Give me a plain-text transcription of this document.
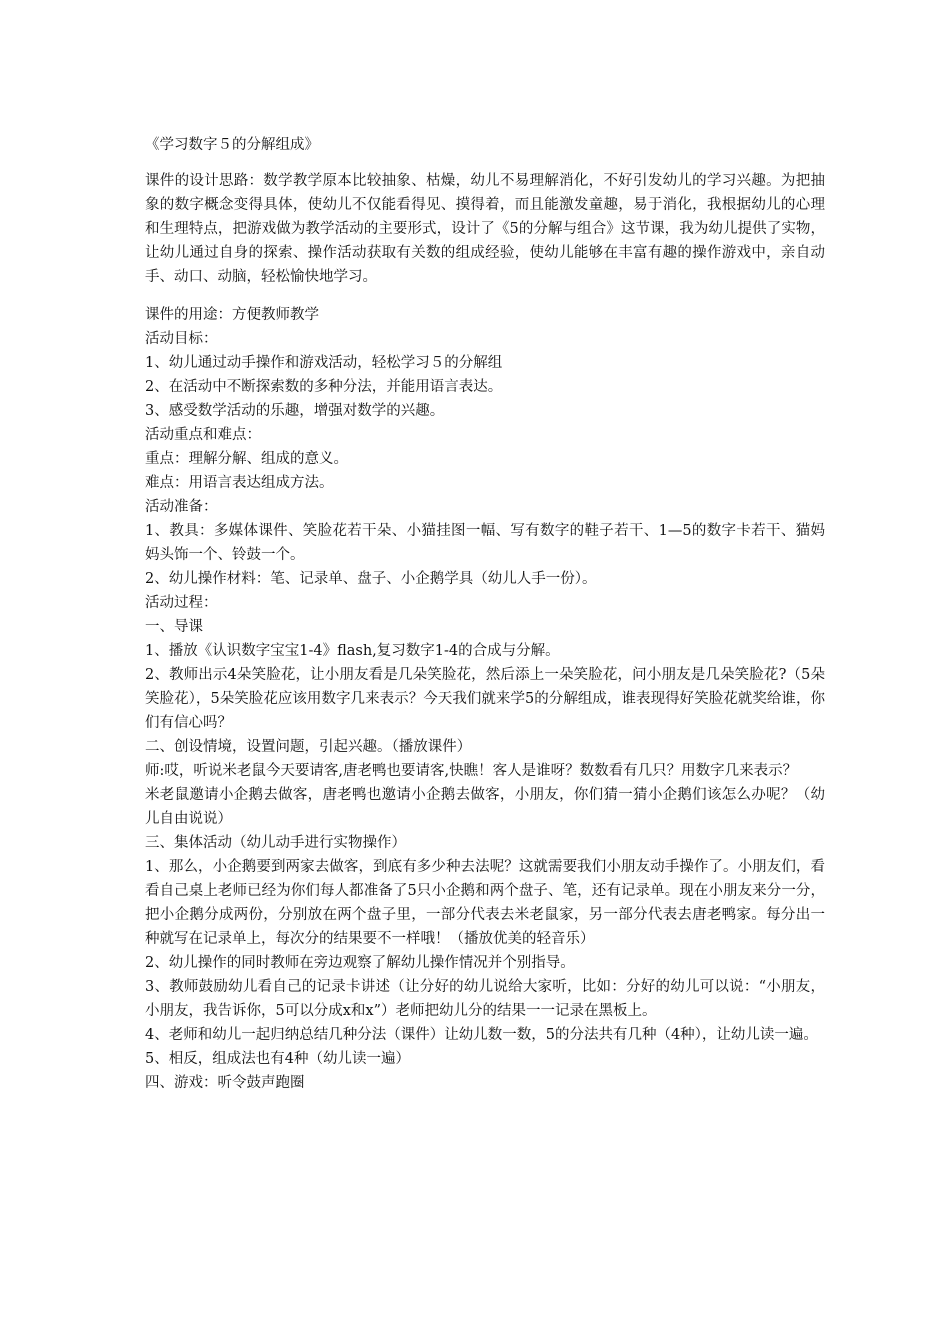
《学习数字５的分解组成》
课件的设计思路：数学教学原本比较抽象、枯燥，幼儿不易理解消化，不好引发幼儿的学习兴趣。为把抽象的数字概念变得具体，使幼儿不仅能看得见、摸得着，而且能激发童趣，易于消化，我根据幼儿的心理和生理特点，把游戏做为教学活动的主要形式，设计了《5的分解与组合》这节课，我为幼儿提供了实物，让幼儿通过自身的探索、操作活动获取有关数的组成经验，使幼儿能够在丰富有趣的操作游戏中，亲自动手、动口、动脑，轻松愉快地学习。
课件的用途：方便教师教学
活动目标：
1、幼儿通过动手操作和游戏活动，轻松学习５的分解组
2、在活动中不断探索数的多种分法，并能用语言表达。
3、感受数学活动的乐趣，增强对数学的兴趣。
活动重点和难点：
重点：理解分解、组成的意义。
难点：用语言表达组成方法。
活动准备：
1、教具：多媒体课件、笑脸花若干朵、小猫挂图一幅、写有数字的鞋子若干、1—5的数字卡若干、猫妈妈头饰一个、铃鼓一个。
2、幼儿操作材料：笔、记录单、盘子、小企鹅学具（幼儿人手一份）。
活动过程：
一、导课
1、播放《认识数字宝宝1-4》flash,复习数字1-4的合成与分解。
2、教师出示4朵笑脸花，让小朋友看是几朵笑脸花，然后添上一朵笑脸花，问小朋友是几朵笑脸花?（5朵笑脸花），5朵笑脸花应该用数字几来表示？今天我们就来学5的分解组成，谁表现得好笑脸花就奖给谁，你们有信心吗？
二、创设情境，设置问题，引起兴趣。（播放课件）
师:哎，听说米老鼠今天要请客,唐老鸭也要请客,快瞧！客人是谁呀？数数看有几只？用数字几来表示？
米老鼠邀请小企鹅去做客，唐老鸭也邀请小企鹅去做客，小朋友，你们猜一猜小企鹅们该怎么办呢？（幼儿自由说说）
三、集体活动（幼儿动手进行实物操作）
1、那么，小企鹅要到两家去做客，到底有多少种去法呢？这就需要我们小朋友动手操作了。小朋友们，看看自己桌上老师已经为你们每人都准备了5只小企鹅和两个盘子、笔，还有记录单。现在小朋友来分一分，把小企鹅分成两份，分别放在两个盘子里，一部分代表去米老鼠家，另一部分代表去唐老鸭家。每分出一种就写在记录单上，每次分的结果要不一样哦！（播放优美的轻音乐）
2、幼儿操作的同时教师在旁边观察了解幼儿操作情况并个别指导。
3、教师鼓励幼儿看自己的记录卡讲述（让分好的幼儿说给大家听，比如：分好的幼儿可以说：“小朋友，小朋友，我告诉你，5可以分成x和x”）老师把幼儿分的结果一一记录在黑板上。
4、老师和幼儿一起归纳总结几种分法（课件）让幼儿数一数，5的分法共有几种（4种），让幼儿读一遍。
5、相反，组成法也有4种（幼儿读一遍）
四、游戏：听令鼓声跑圈
